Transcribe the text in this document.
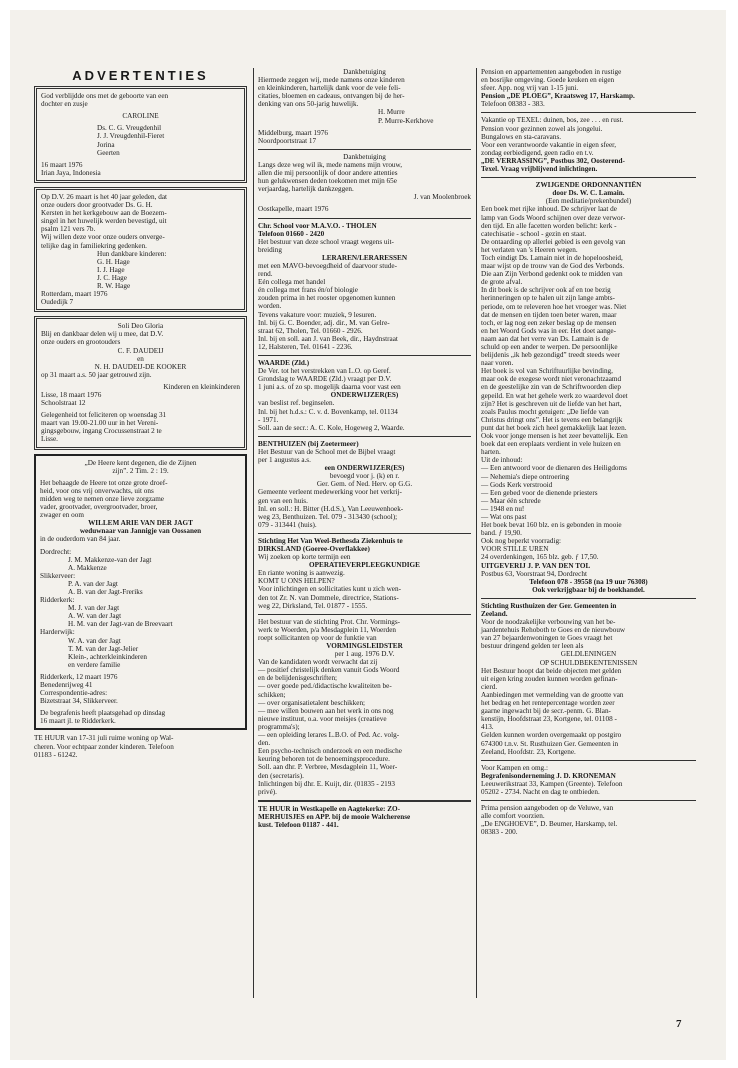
ADVERTENTIES

God verblijdde ons met de geboorte van een

dochter en zusje

CAROLINE

Ds. C. G. Vreugdenhil

J. J. Vreugdenhil-Fieret

Jorina

Geerten

16 maart 1976

Irian Jaya, Indonesia

Op D.V. 26 maart is het 40 jaar geleden, dat

onze ouders door grootvader Ds. G. H.

Kersten in het kerkgebouw aan de Boezem-

singel in het huwelijk werden bevestigd, uit

psalm 121 vers 7b.

Wij willen deze voor onze ouders onverge-

telijke dag in familiekring gedenken.

Hun dankbare kinderen:

G. H. Hage

I. J. Hage

J. C. Hage

R. W. Hage

Rotterdam, maart 1976

Oudedijk 7

Soli Deo Gloria

Blij en dankbaar delen wij u mee, dat D.V.

onze ouders en grootouders

C. F. DAUDEIJ

en

N. H. DAUDEIJ-DE KOOKER

op 31 maart a.s. 50 jaar getrouwd zijn.

Kinderen en kleinkinderen

Lisse, 18 maart 1976

Schoolstraat 12

Gelegenheid tot feliciteren op woensdag 31

maart van 19.00-21.00 uur in het Vereni-

gingsgebouw, ingang Crocussenstraat 2 te

Lisse.

„De Heere kent degenen, die de Zijnen

zijn”. 2 Tim. 2 : 19.

Het behaagde de Heere tot onze grote droef-

heid, voor ons vrij onverwachts, uit ons

midden weg te nemen onze lieve zorgzame

vader, grootvader, overgrootvader, broer,

zwager en oom

WILLEM ARIE VAN DER JAGT

weduwnaar van Jannigje van Oossanen

in de ouderdom van 84 jaar.

Dordrecht:

J. M. Makkenze-van der Jagt

A. Makkenze

Slikkerveer:

P. A. van der Jagt

A. B. van der Jagt-Freriks

Ridderkerk:

M. J. van der Jagt

A. W. van der Jagt

H. M. van der Jagt-van de Breevaart

Harderwijk:

W. A. van der Jagt

T. M. van der Jagt-Jelier

Klein-, achterkleinkinderen

en verdere familie

Ridderkerk, 12 maart 1976

Benedenrijweg 41

Correspondentie-adres:

Bizetstraat 34, Slikkerveer.

De begrafenis heeft plaatsgehad op dinsdag

16 maart jl. te Ridderkerk.

TE HUUR van 17-31 juli ruime woning op Wal-

cheren. Voor echtpaar zonder kinderen. Telefoon

01183 - 61242.

Dankbetuiging

Hiermede zeggen wij, mede namens onze kinderen

en kleinkinderen, hartelijk dank voor de vele feli-

citaties, bloemen en cadeaus, ontvangen bij de her-

denking van ons 50-jarig huwelijk.

H. Murre

P. Murre-Kerkhove

Middelburg, maart 1976

Noordpoortstraat 17

Dankbetuiging

Langs deze weg wil ik, mede namens mijn vrouw,

allen die mij persoonlijk of door andere attenties

hun gelukwensen deden toekomen met mijn 65e

verjaardag, hartelijk dankzeggen.

J. van Moolenbroek

Oostkapelle, maart 1976

Chr. School voor M.A.V.O. - THOLEN

Telefoon 01660 - 2420

Het bestuur van deze school vraagt wegens uit-

breiding

LERAREN/LERARESSEN

met een MAVO-bevoegdheid of daarvoor stude-

rend.

Eén collega met handel

én collega met frans én/of biologie

zouden prima in het rooster opgenomen kunnen

worden.

Tevens vakature voor: muziek, 9 lesuren.

Inl. bij G. C. Boender, adj. dir., M. van Gelre-

straat 62, Tholen, Tel. 01660 - 2926.

Inl. bij en soll. aan J. van Beek, dir., Haydnstraat

12, Halsteren, Tel. 01641 - 2236.

WAARDE (Zld.)

De Ver. tot het verstrekken van L.O. op Geref.

Grondslag te WAARDE (Zld.) vraagt per D.V.

1 juni a.s. of zo sp. mogelijk daarna voor vast een

ONDERWIJZER(ES)

van beslist ref. beginselen.

Inl. bij het h.d.s.: C. v. d. Bovenkamp, tel. 01134

- 1971.

Soll. aan de secr.: A. C. Kole, Hogeweg 2, Waarde.

BENTHUIZEN (bij Zoetermeer)

Het Bestuur van de School met de Bijbel vraagt

per 1 augustus a.s.

een ONDERWIJZER(ES)

bevoegd voor j. (k) en r.

Ger. Gem. of Ned. Herv. op G.G.

Gemeente verleent medewerking voor het verkrij-

gen van een huis.

Inl. en soll.: H. Bitter (H.d.S.), Van Leeuwenhoek-

weg 23, Benthuizen. Tel. 079 - 313430 (school);

079 - 313441 (huis).

Stichting Het Van Weel-Bethesda Ziekenhuis te

DIRKSLAND (Goeree-Overflakkee)

Wij zoeken op korte termijn een

OPERATIEVERPLEEGKUNDIGE

En riante woning is aanwezig.

KOMT U ONS HELPEN?

Voor inlichtingen en sollicitaties kunt u zich wen-

den tot Zr. N. van Dommele, directrice, Stations-

weg 22, Dirksland, Tel. 01877 - 1555.

Het bestuur van de stichting Prot. Chr. Vormings-

werk te Woerden, p/a Mesdagplein 11, Woerden

roept sollicitanten op voor de funktie van

VORMINGSLEIDSTER

per 1 aug. 1976 D.V.

Van de kandidaten wordt verwacht dat zij

— positief christelijk denken vanuit Gods Woord

en de belijdenisgeschriften;

— over goede ped./didactische kwaliteiten be-

schikken;

— over organisatietalent beschikken;

— mee willen bouwen aan het werk in ons nog

nieuwe instituut, o.a. voor meisjes (creatieve

programma's);

— een opleiding lerares L.B.O. of Ped. Ac. volg-

den.

Een psycho-technisch onderzoek en een medische

keuring behoren tot de benoemingsprocedure.

Soll. aan dhr. P. Verbree, Mesdagplein 11, Woer-

den (secretaris).

Inlichtingen bij dhr. E. Kuijt, dir. (01835 - 2193

privé).

TE HUUR in Westkapelle en Aagtekerke: ZO-

MERHUISJES en APP. bij de mooie Walcherense

kust. Telefoon 01187 - 441.

Pension en appartementen aangeboden in rustige

en bosrijke omgeving. Goede keuken en eigen

sfeer. App. nog vrij van 1-15 juni.

Pension „DE PLOEG”, Kraatsweg 17, Harskamp.

Telefoon 08383 - 383.

Vakantie op TEXEL: duinen, bos, zee . . . en rust.

Pension voor gezinnen zowel als jongelui.

Bungalows en sta-caravans.

Voor een verantwoorde vakantie in eigen sfeer,

zondag eerbiedigend, geen radio en t.v.

„DE VERRASSING”, Postbus 302, Oosterend-

Texel. Vraag vrijblijvend inlichtingen.

ZWIJGENDE ORDONNANTIËN

door Ds. W. C. Lamain.

(Een meditatie/prekenbundel)

Een boek met rijke inhoud. De schrijver laat de

lamp van Gods Woord schijnen over deze verwor-

den tijd. En alle facetten worden belicht: kerk -

catechisatie - school - gezin en staat.

De ontaarding op allerlei gebied is een gevolg van

het verlaten van 's Heeren wegen.

Toch eindigt Ds. Lamain niet in de hopeloosheid,

maar wijst op de trouw van de God des Verbonds.

Die aan Zijn Verbond gedenkt ook te midden van

de grote afval.

In dit boek is de schrijver ook af en toe bezig

herinneringen op te halen uit zijn lange ambts-

periode, om te releveren hoe het vroeger was. Niet

dat de mensen en tijden toen beter waren, maar

toch, er lag nog een zeker beslag op de mensen

en het Woord Gods was in eer. Het doet aange-

naam aan dat het verre van Ds. Lamain is de

schuld op een ander te werpen. De persoonlijke

belijdenis „ik heb gezondigd” treedt steeds weer

naar voren.

Het boek is vol van Schriftuurlijke bevinding,

maar ook de exegese wordt niet veronachtzaamd

en de geestelijke zin van de Schriftwoorden diep

gepeild. En wat het gehele werk zo waardevol doet

zijn? Het is geschreven uit de liefde van het hart,

zoals Paulus mocht getuigen: „De liefde van

Christus dringt ons”. Het is tevens een belangrijk

punt dat het boek zich heel gemakkelijk laat lezen.

Ook voor jonge mensen is het zeer bevattelijk. Een

boek dat een ereplaats verdient in vele huizen en

harten.

Uit de inhoud:

— Een antwoord voor de dienaren des Heiligdoms

— Nehemia's diepe ontroering

— Gods Kerk verstrooid

— Een gebed voor de dienende priesters

— Maar één schrede

— 1948 en nu!

— Wat ons past

Het boek bevat 160 blz. en is gebonden in mooie

band. ƒ 19,90.

Ook nog beperkt voorradig:

VOOR STILLE UREN

24 overdenkingen, 165 blz. geb. ƒ 17,50.

UITGEVERIJ J. P. VAN DEN TOL

Postbus 63, Voorstraat 94, Dordrecht

Telefoon 078 - 39558 (na 19 uur 76308)

Ook verkrijgbaar bij de boekhandel.

Stichting Rusthuizen der Ger. Gemeenten in

Zeeland.

Voor de noodzakelijke verbouwing van het be-

jaardentehuis Rehoboth te Goes en de nieuwbouw

van 27 bejaardenwoningen te Goes vraagt het

bestuur dringend gelden ter leen als

GELDLENINGEN

OP SCHULDBEKENTENISSEN

Het Bestuur hoopt dat beide objecten met gelden

uit eigen kring zouden kunnen worden gefinan-

cierd.

Aanbiedingen met vermelding van de grootte van

het bedrag en het rentepercentage worden zeer

gaarne ingewacht bij de secr.-penm. G. Blan-

kenstijn, Hoofdstraat 23, Kortgene, tel. 01108 -

413.

Gelden kunnen worden overgemaakt op postgiro

674300 t.n.v. St. Rusthuizen Ger. Gemeenten in

Zeeland, Hoofdstr. 23, Kortgene.

Voor Kampen en omg.:

Begrafenisonderneming J. D. KRONEMAN

Leeuwerikstraat 33, Kampen (Greente). Telefoon

05202 - 2734. Nacht en dag te ontbieden.

Prima pension aangeboden op de Veluwe, van

alle comfort voorzien.

„De ENGHOEVE”, D. Beumer, Harskamp, tel.

08383 - 200.

7
